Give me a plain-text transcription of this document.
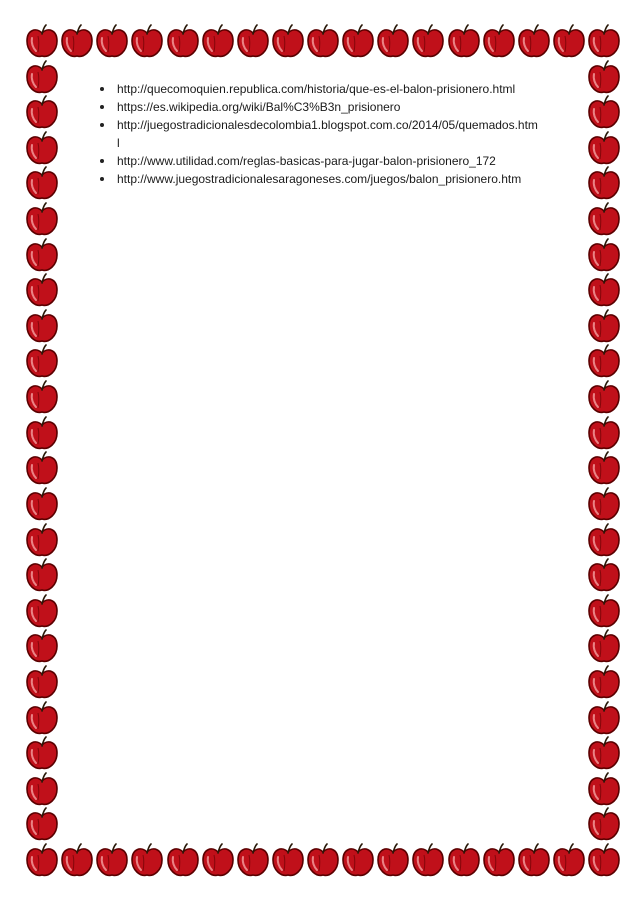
http://quecomoquien.republica.com/historia/que-es-el-balon-prisionero.html
https://es.wikipedia.org/wiki/Bal%C3%B3n_prisionero
http://juegostradicionalesdecolombia1.blogspot.com.co/2014/05/quemados.html
http://www.utilidad.com/reglas-basicas-para-jugar-balon-prisionero_172
http://www.juegostradicionalesaragoneses.com/juegos/balon_prisionero.htm
